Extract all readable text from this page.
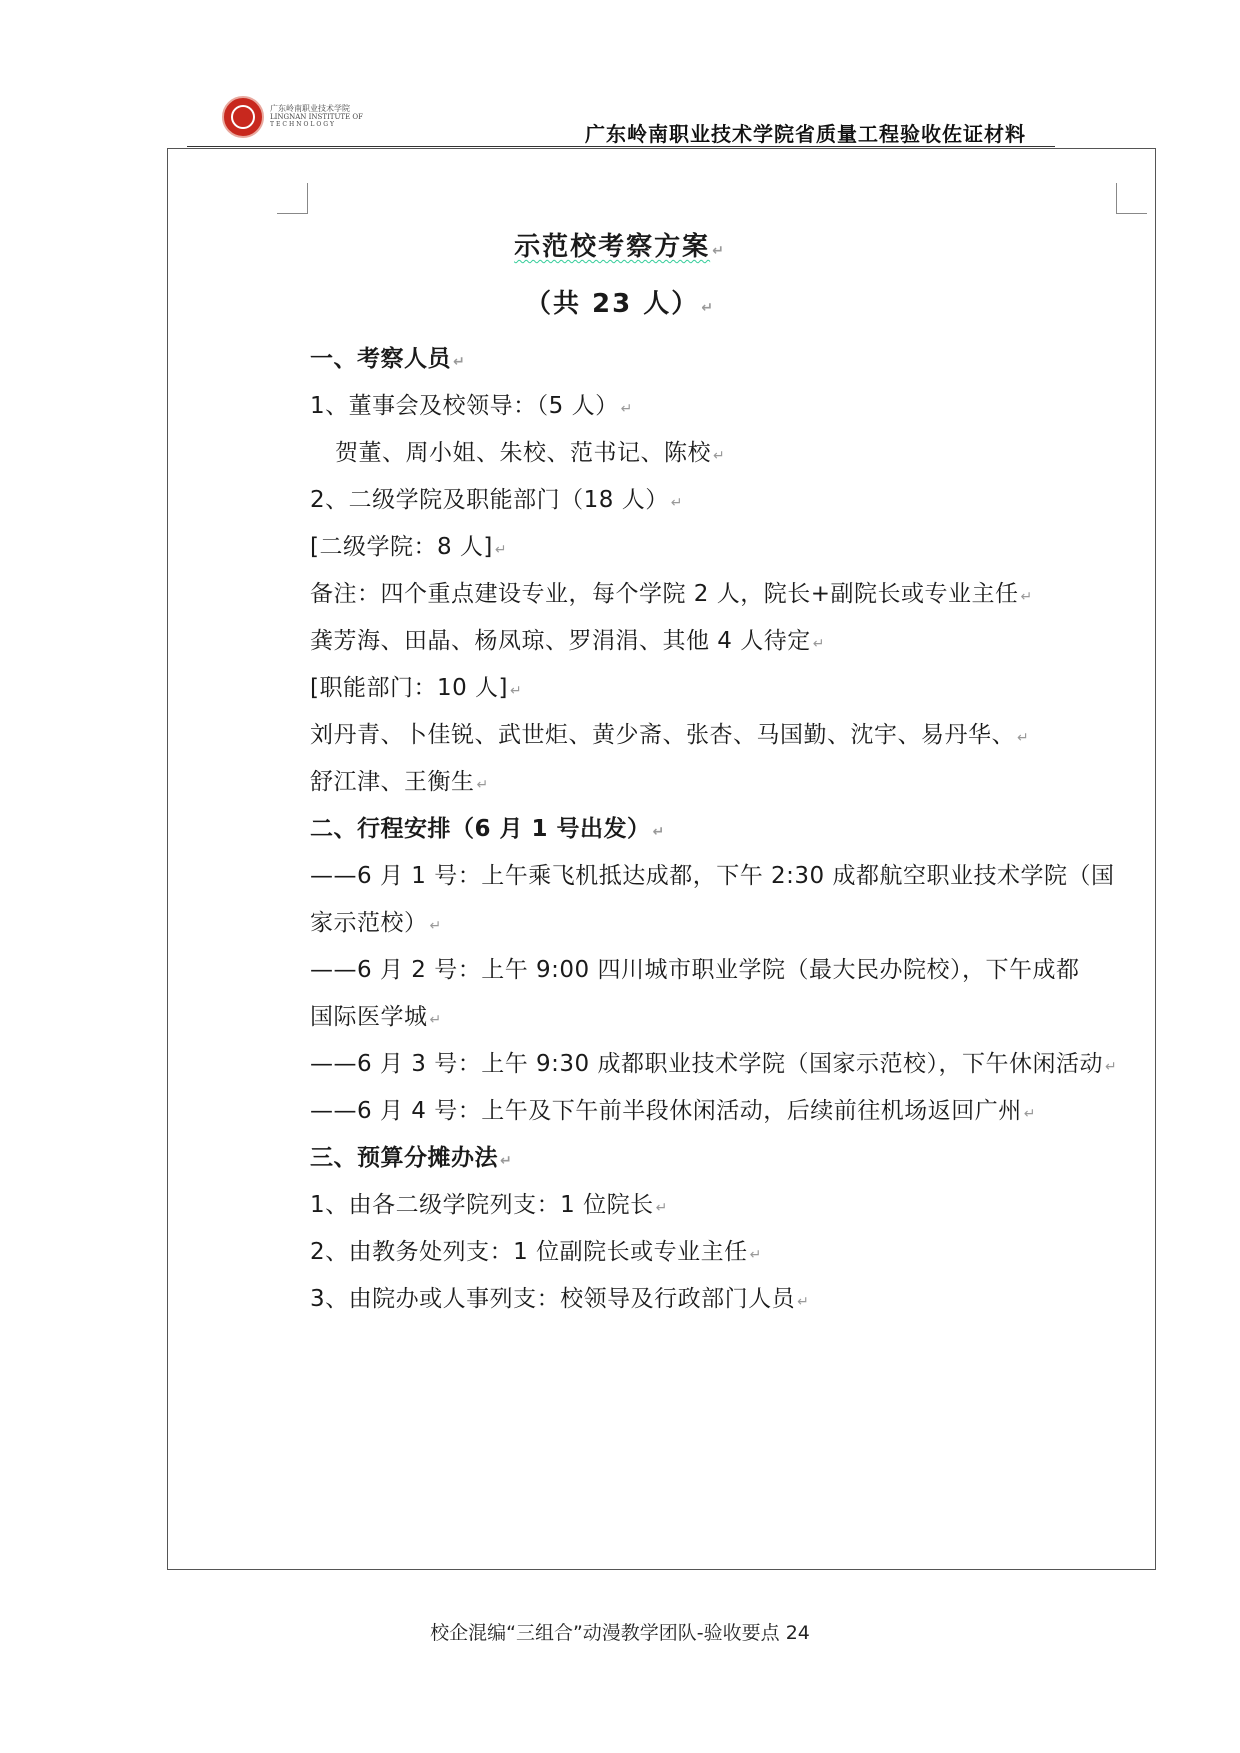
广东岭南职业技术学院
LINGNAN INSTITUTE OF
TECHNOLOGY	广东岭南职业技术学院省质量工程验收佐证材料
示范校考察方案 ↵
（共 23 人） ↵
一、考察人员 ↵
1、董事会及校领导：（5 人） ↵
贺董、周小姐、朱校、范书记、陈校 ↵
2、二级学院及职能部门（18 人） ↵
[二级学院：8 人] ↵
备注：四个重点建设专业，每个学院 2 人，院长+副院长或专业主任 ↵
龚芳海、田晶、杨凤琼、罗涓涓、其他 4 人待定 ↵
[职能部门：10 人] ↵
刘丹青、卜佳锐、武世炬、黄少斋、张杏、马国勤、沈宇、易丹华、 ↵
舒江津、王衡生 ↵
二、行程安排（6 月 1 号出发） ↵
——6 月 1 号：上午乘飞机抵达成都，下午 2:30 成都航空职业技术学院（国
家示范校） ↵
——6 月 2 号：上午 9:00 四川城市职业学院（最大民办院校），下午成都
国际医学城 ↵
——6 月 3 号：上午 9:30 成都职业技术学院（国家示范校），下午休闲活动 ↵
——6 月 4 号：上午及下午前半段休闲活动，后续前往机场返回广州 ↵
三、预算分摊办法 ↵
1、由各二级学院列支：1 位院长 ↵
2、由教务处列支：1 位副院长或专业主任 ↵
3、由院办或人事列支：校领导及行政部门人员 ↵
校企混编“三组合”动漫教学团队-验收要点 24
